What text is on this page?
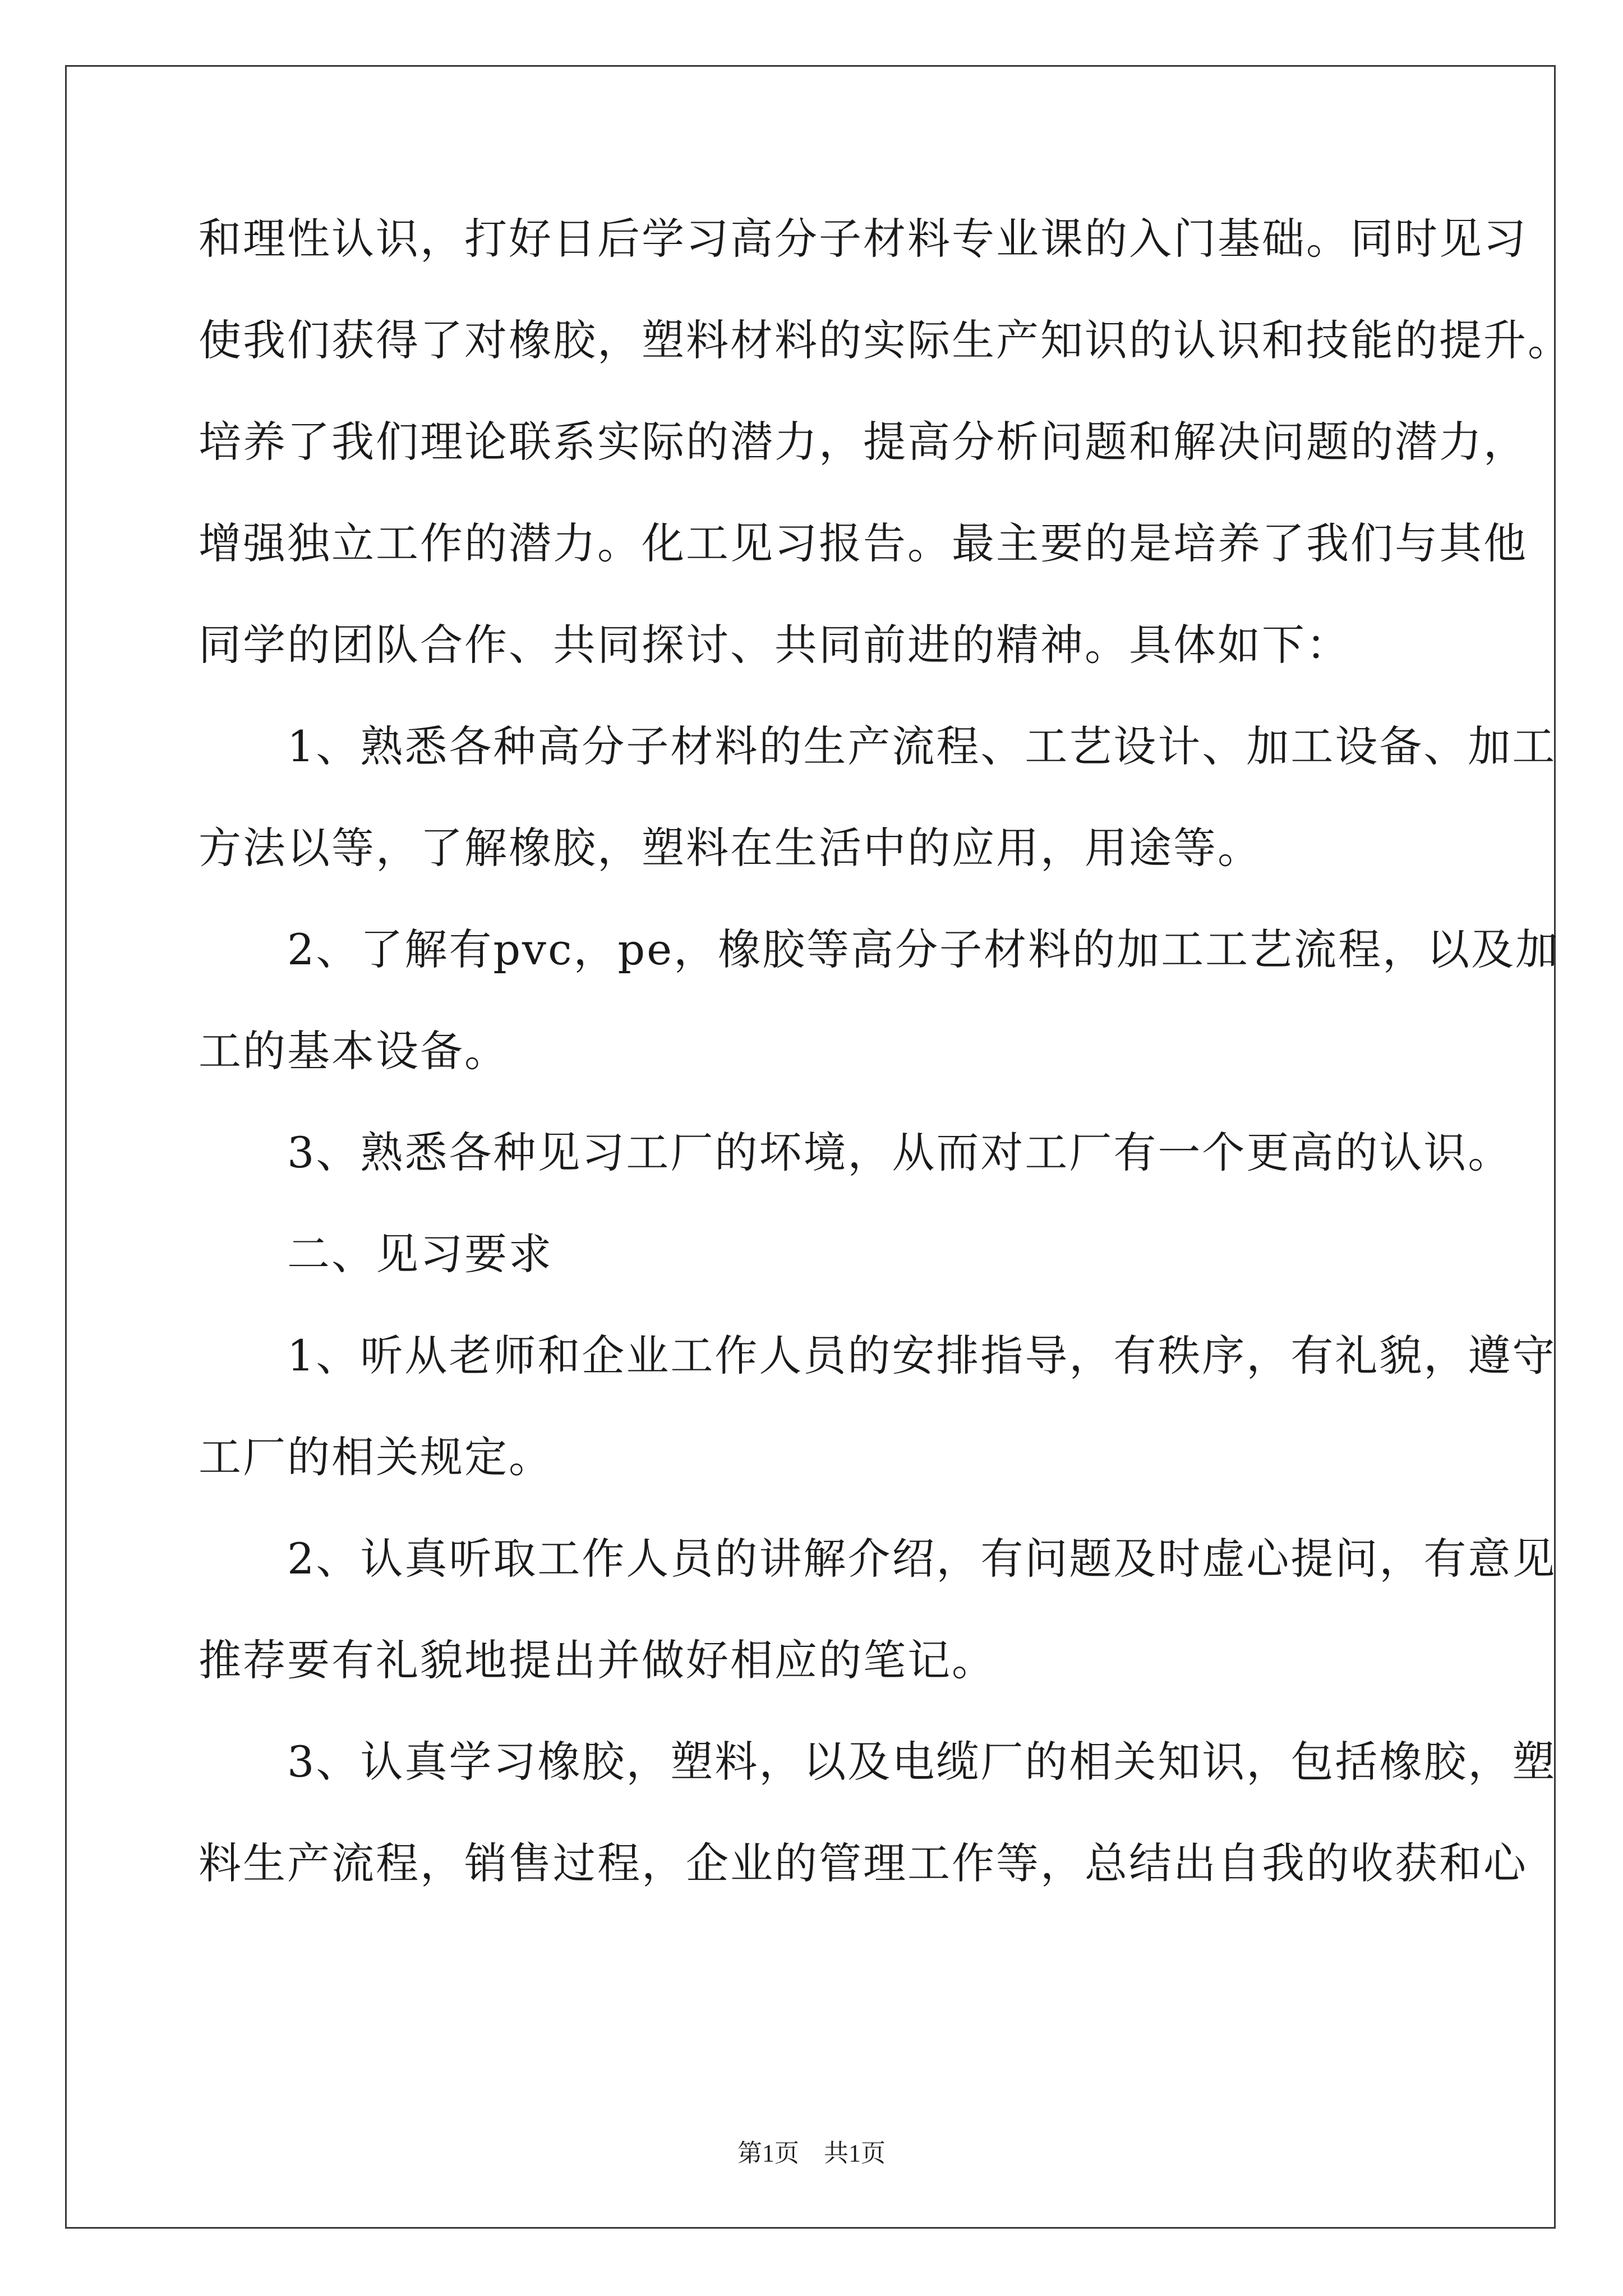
和理性认识，打好日后学习高分子材料专业课的入门基础。同时见习
使我们获得了对橡胶，塑料材料的实际生产知识的认识和技能的提升。
培养了我们理论联系实际的潜力，提高分析问题和解决问题的潜力，
增强独立工作的潜力。化工见习报告。最主要的是培养了我们与其他
同学的团队合作、共同探讨、共同前进的精神。具体如下：
　　1、熟悉各种高分子材料的生产流程、工艺设计、加工设备、加工
方法以等，了解橡胶，塑料在生活中的应用，用途等。
　　2、了解有pvc，pe，橡胶等高分子材料的加工工艺流程，以及加
工的基本设备。
　　3、熟悉各种见习工厂的坏境，从而对工厂有一个更高的认识。
　　二、见习要求
　　1、听从老师和企业工作人员的安排指导，有秩序，有礼貌，遵守
工厂的相关规定。
　　2、认真听取工作人员的讲解介绍，有问题及时虚心提问，有意见
推荐要有礼貌地提出并做好相应的笔记。
　　3、认真学习橡胶，塑料，以及电缆厂的相关知识，包括橡胶，塑
料生产流程，销售过程，企业的管理工作等，总结出自我的收获和心
第1页　共1页
